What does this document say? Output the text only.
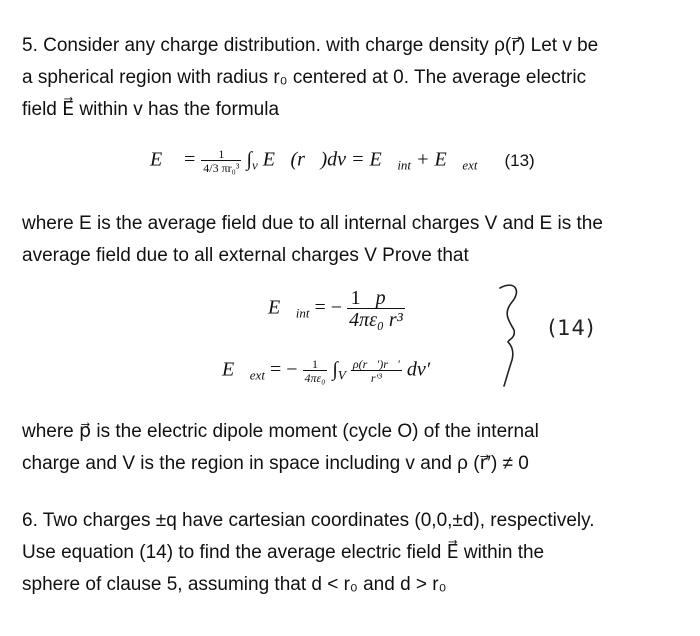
5. Consider any charge distribution. with charge density ρ(r⃗) Let v be
a spherical region with radius r₀ centered at 0. The average electric
field E⃗ within v has the formula
E⃗ = $\frac{1}{\text{4/3 πr₀³}} \int_v$ E⃗(r⃗)dv = $E⃗_{int}$ + $E⃗_{ext}$ (13)
where E is the average field due to all internal charges V and E is the
average field due to all external charges V Prove that
$E⃗_{int}$ = − $\frac{1 p⃗}{\text{4πε₀ r³}}$
$E⃗_{ext}$ = − $\frac{1}{\text{4πε₀}} \int_V \frac{\rho(r⃗')r⃗'}{\text{r′³}} dv'$
(14)
where p⃗ is the electric dipole moment (cycle O) of the internal
charge and V is the region in space including v and ρ (r⃗′) ≠ 0
6. Two charges ±q have cartesian coordinates (0,0,±d), respectively.
Use equation (14) to find the average electric field E⃗ within the
sphere of clause 5, assuming that d < r₀ and d > r₀
